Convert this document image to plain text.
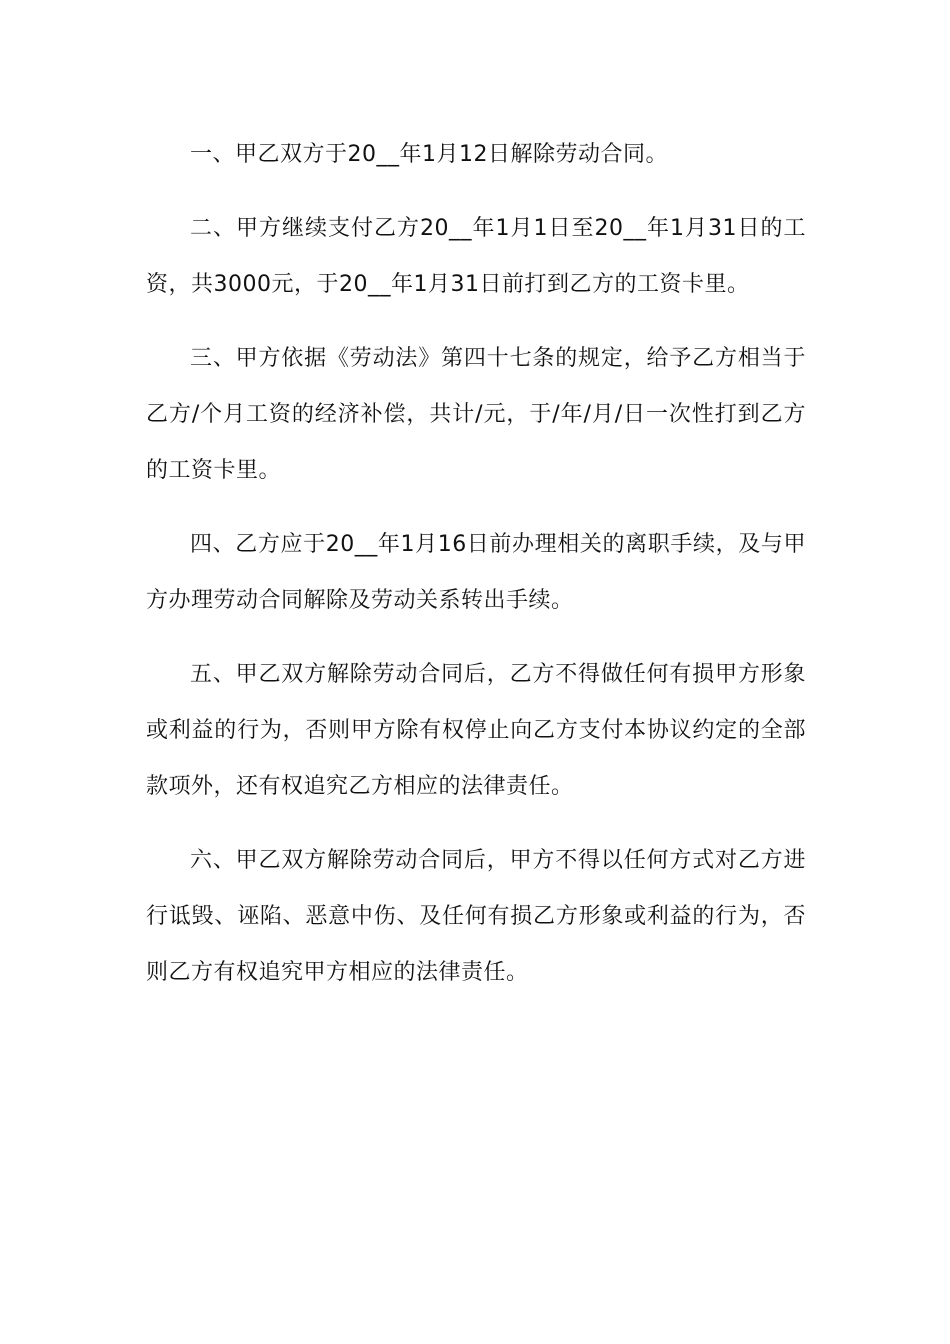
一、甲乙双方于20__年1月12日解除劳动合同。

二、甲方继续支付乙方20__年1月1日至20__年1月31日的工资，共3000元，于20__年1月31日前打到乙方的工资卡里。

三、甲方依据《劳动法》第四十七条的规定，给予乙方相当于乙方/个月工资的经济补偿，共计/元，于/年/月/日一次性打到乙方的工资卡里。

四、乙方应于20__年1月16日前办理相关的离职手续，及与甲方办理劳动合同解除及劳动关系转出手续。

五、甲乙双方解除劳动合同后，乙方不得做任何有损甲方形象或利益的行为，否则甲方除有权停止向乙方支付本协议约定的全部款项外，还有权追究乙方相应的法律责任。

六、甲乙双方解除劳动合同后，甲方不得以任何方式对乙方进行诋毁、诬陷、恶意中伤、及任何有损乙方形象或利益的行为，否则乙方有权追究甲方相应的法律责任。
